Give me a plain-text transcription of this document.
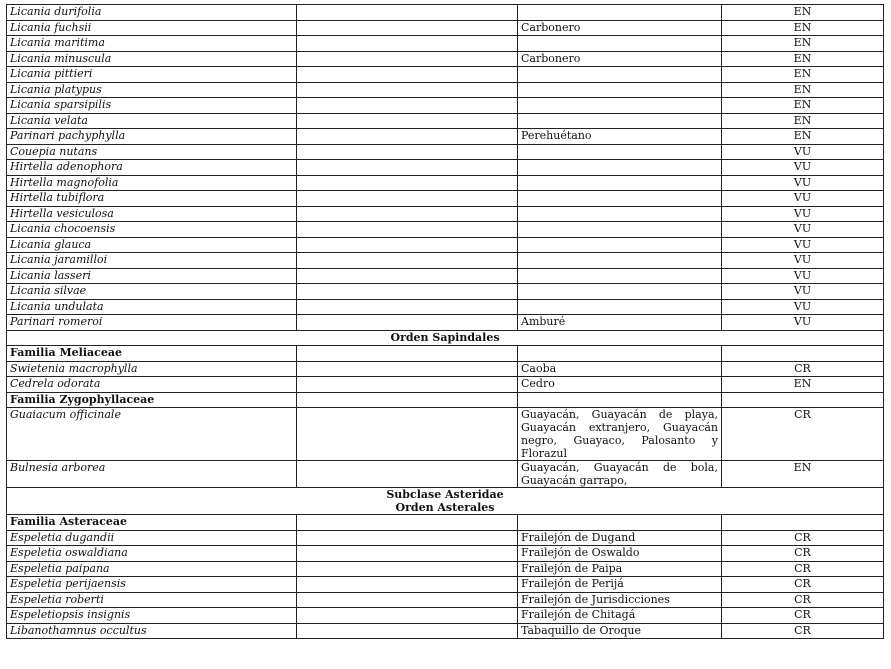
Licania durifolia			EN
Licania fuchsii		Carbonero	EN
Licania maritima			EN
Licania minuscula		Carbonero	EN
Licania pittieri			EN
Licania platypus			EN
Licania sparsipilis			EN
Licania velata			EN
Parinari pachyphylla		Perehuétano	EN
Couepia nutans			VU
Hirtella adenophora			VU
Hirtella magnofolia			VU
Hirtella tubiflora			VU
Hirtella vesiculosa			VU
Licania chocoensis			VU
Licania glauca			VU
Licania jaramilloi			VU
Licania lasseri			VU
Licania silvae			VU
Licania undulata			VU
Parinari romeroi		Amburé	VU

Orden Sapindales			

Familia Meliaceae			
Swietenia macrophylla		Caoba	CR
Cedrela odorata		Cedro	EN
Familia Zygophyllaceae			
Guaiacum officinale		Guayacán, Guayacán de playa, Guayacán extranjero, Guayacán negro, Guayaco, Palosanto y Florazul	CR
Bulnesia arborea		Guayacán, Guayacán de bola, Guayacán garrapo,	EN

Subclase Asteridae
Orden Asterales			

Familia Asteraceae			
Espeletia dugandii		Frailejón de Dugand	CR
Espeletia oswaldiana		Frailejón de Oswaldo	CR
Espeletia paipana		Frailejón de Paipa	CR
Espeletia perijaensis		Frailejón de Perijá	CR
Espeletia roberti		Frailejón de Jurisdicciones	CR
Espeletiopsis insignis		Frailejón de Chitagá	CR
Libanothamnus occultus		Tabaquillo de Oroque	CR
